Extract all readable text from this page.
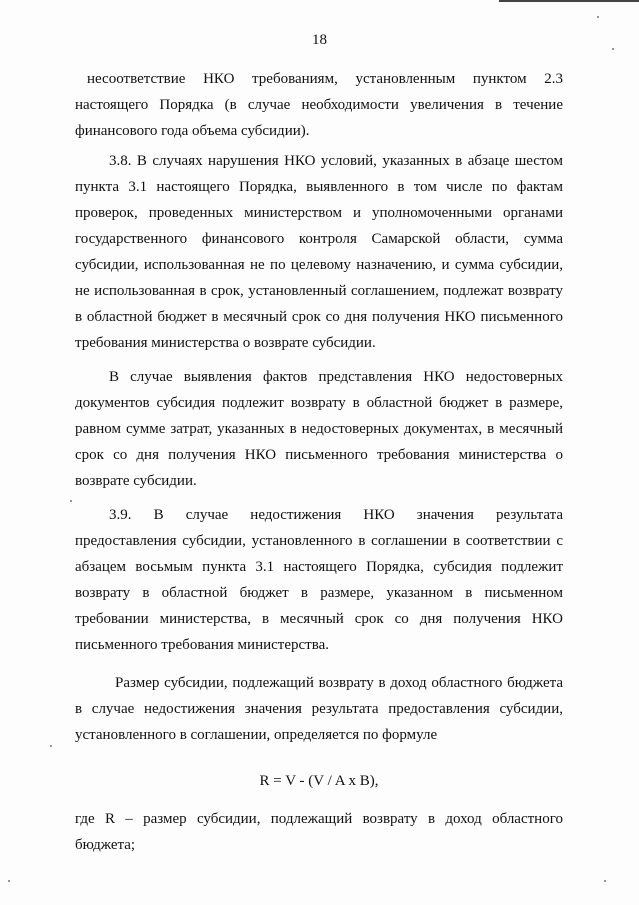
18
несоответствие НКО требованиям, установленным пунктом 2.3
настоящего Порядка (в случае необходимости увеличения в течение
финансового года объема субсидии).
3.8. В случаях нарушения НКО условий, указанных в абзаце шестом
пункта 3.1 настоящего Порядка, выявленного в том числе по фактам
проверок, проведенных министерством и уполномоченными органами
государственного финансового контроля Самарской области, сумма
субсидии, использованная не по целевому назначению, и сумма субсидии,
не использованная в срок, установленный соглашением, подлежат возврату
в областной бюджет в месячный срок со дня получения НКО письменного
требования министерства о возврате субсидии.
В случае выявления фактов представления НКО недостоверных
документов субсидия подлежит возврату в областной бюджет в размере,
равном сумме затрат, указанных в недостоверных документах, в месячный
срок со дня получения НКО письменного требования министерства о
возврате субсидии.
3.9. В случае недостижения НКО значения результата
предоставления субсидии, установленного в соглашении в соответствии с
абзацем восьмым пункта 3.1 настоящего Порядка, субсидия подлежит
возврату в областной бюджет в размере, указанном в письменном
требовании министерства, в месячный срок со дня получения НКО
письменного требования министерства.
Размер субсидии, подлежащий возврату в доход областного бюджета
в случае недостижения значения результата предоставления субсидии,
установленного в соглашении, определяется по формуле
R = V - (V / A x B),
где R – размер субсидии, подлежащий возврату в доход областного
бюджета;
